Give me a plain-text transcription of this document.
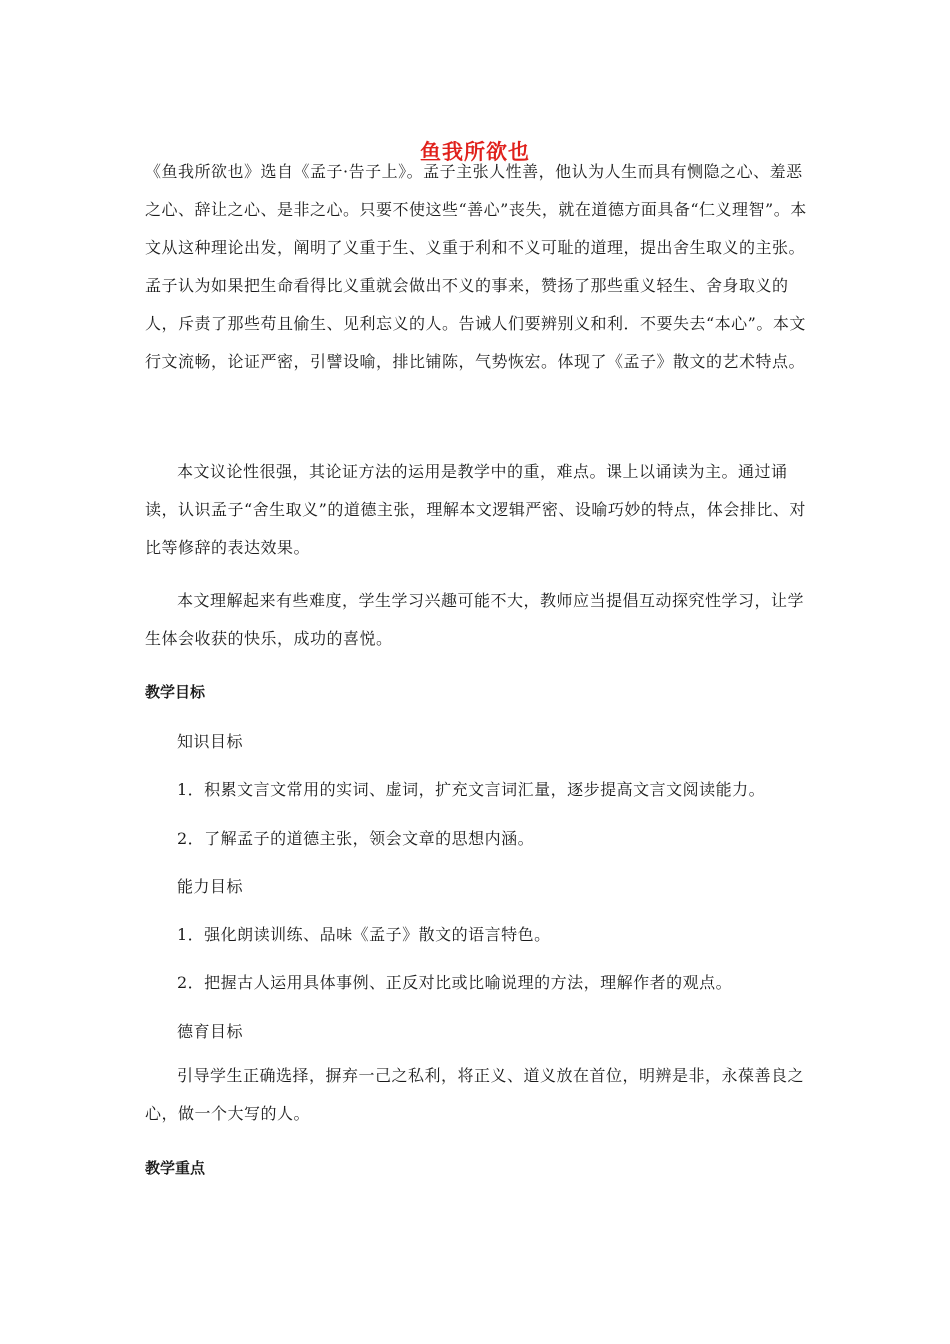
鱼我所欲也

《鱼我所欲也》选自《孟子·告子上》。孟子主张人性善，他认为人生而具有恻隐之心、羞恶之心、辞让之心、是非之心。只要不使这些“善心”丧失，就在道德方面具备“仁义理智”。本文从这种理论出发，阐明了义重于生、义重于利和不义可耻的道理，提出舍生取义的主张。孟子认为如果把生命看得比义重就会做出不义的事来，赞扬了那些重义轻生、舍身取义的人，斥责了那些苟且偷生、见利忘义的人。告诫人们要辨别义和利．不要失去“本心”。本文行文流畅，论证严密，引譬设喻，排比铺陈，气势恢宏。体现了《孟子》散文的艺术特点。

本文议论性很强，其论证方法的运用是教学中的重，难点。课上以诵读为主。通过诵读，认识孟子“舍生取义”的道德主张，理解本文逻辑严密、设喻巧妙的特点，体会排比、对比等修辞的表达效果。

本文理解起来有些难度，学生学习兴趣可能不大，教师应当提倡互动探究性学习，让学生体会收获的快乐，成功的喜悦。

教学目标

知识目标

1．积累文言文常用的实词、虚词，扩充文言词汇量，逐步提高文言文阅读能力。

2．了解孟子的道德主张，领会文章的思想内涵。

能力目标

1．强化朗读训练、品味《孟子》散文的语言特色。

2．把握古人运用具体事例、正反对比或比喻说理的方法，理解作者的观点。

德育目标

引导学生正确选择，摒弃一己之私利，将正义、道义放在首位，明辨是非，永葆善良之心，做一个大写的人。

教学重点
